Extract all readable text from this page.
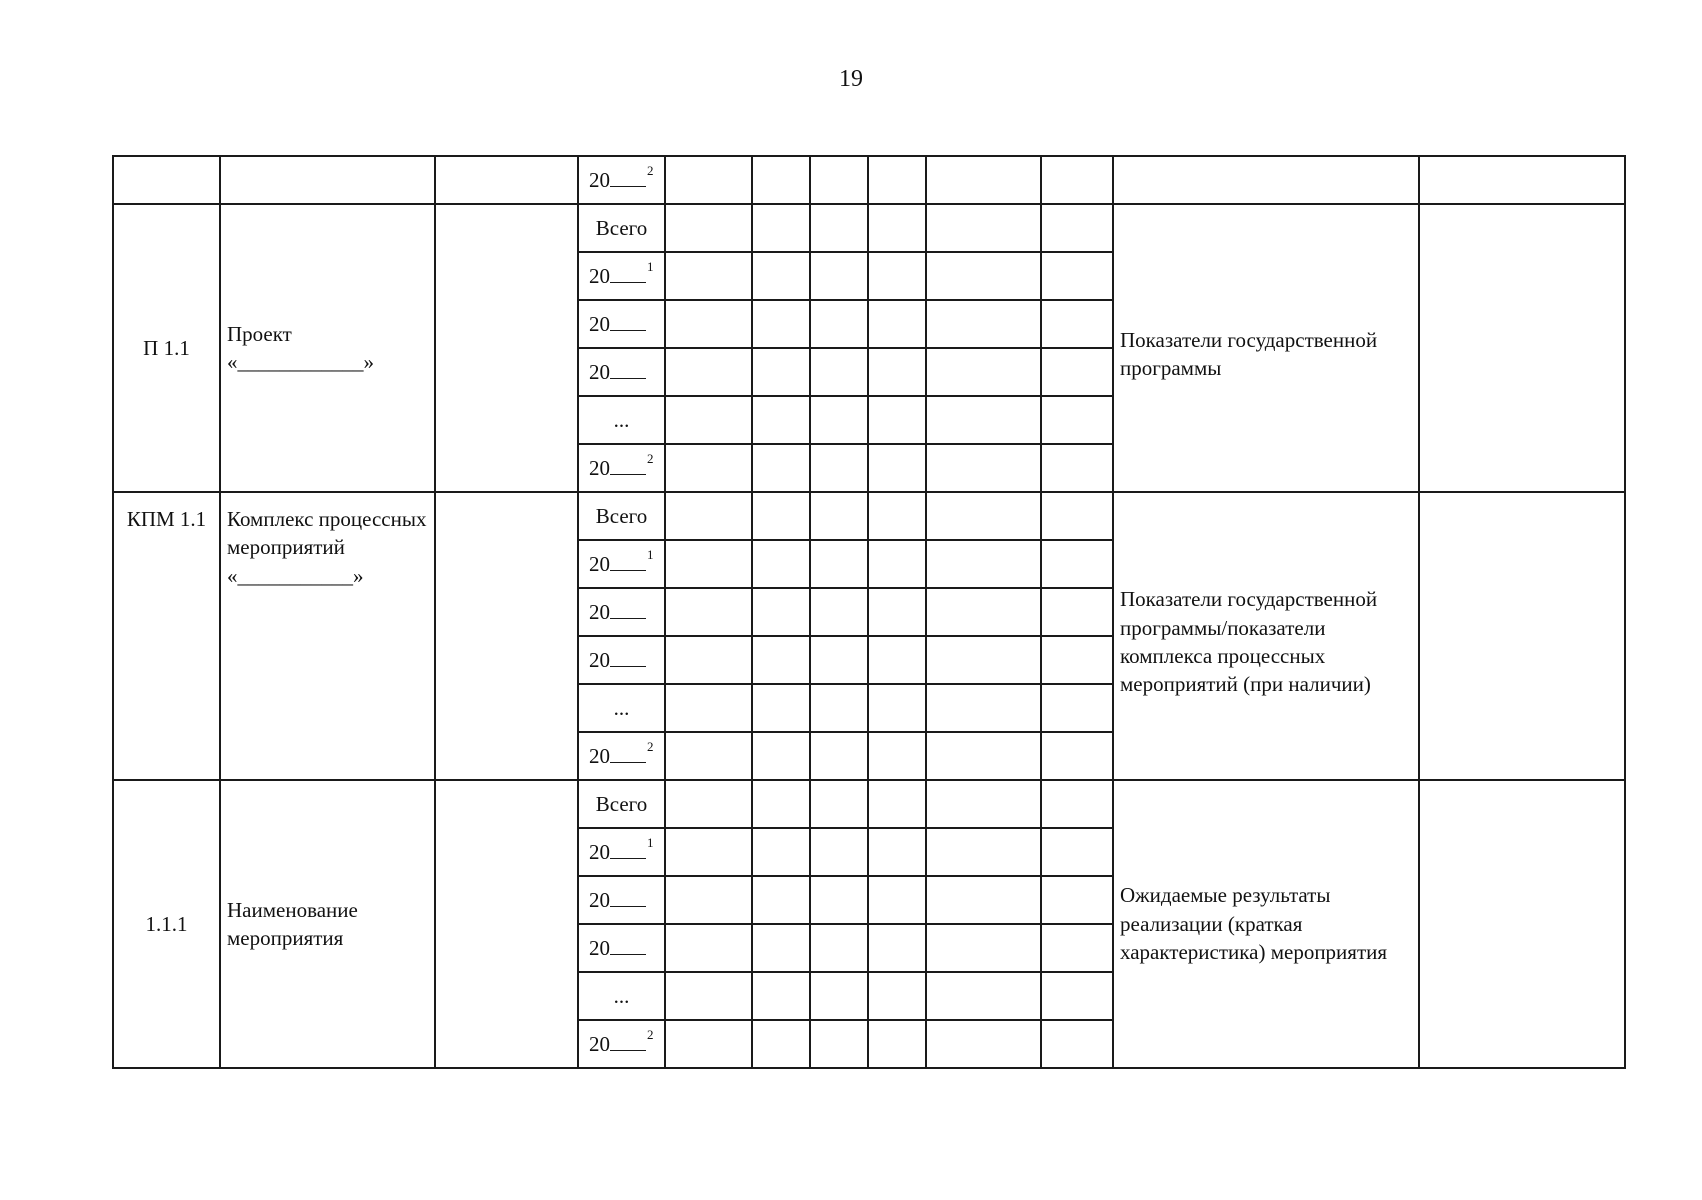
19
			20 $^2$								
П 1.1	Проект «____________»		Всего							Показатели государственной программы	
			20 $^1$						
			20								
			20								
			...								
			20 $^2$						
КПМ 1.1	Комплекс процессных мероприятий «___________»		Всего							Показатели государственной программы/показатели комплекса процессных мероприятий (при наличии)	
			20 $^1$						
			20								
			20								
			...								
			20 $^2$						
1.1.1	Наименование мероприятия		Всего							Ожидаемые результаты реализации (краткая характеристика) мероприятия	
			20 $^1$						
			20								
			20								
			...								
			20 $^2$						
